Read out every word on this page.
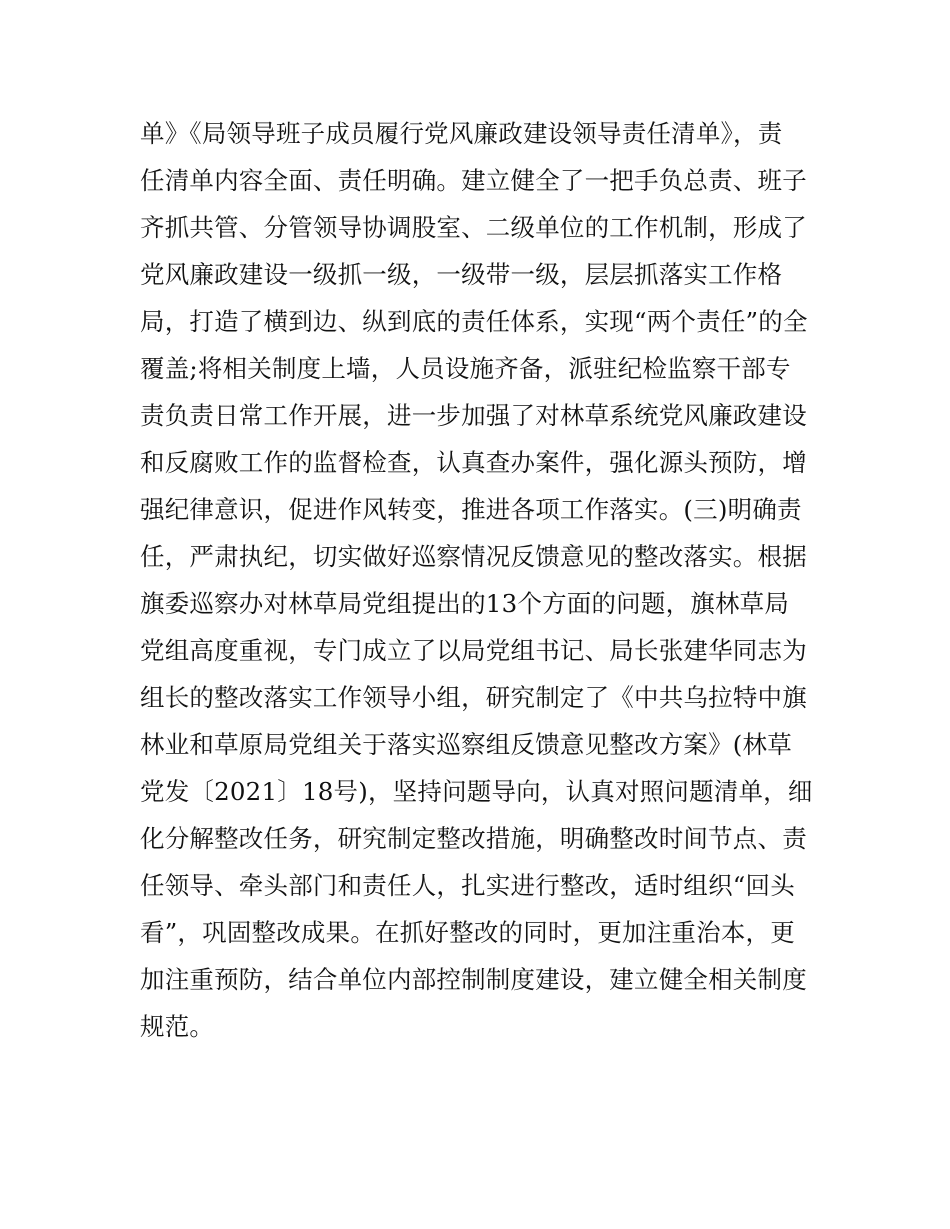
单》《局领导班子成员履行党风廉政建设领导责任清单》，责
任清单内容全面、责任明确。建立健全了一把手负总责、班子
齐抓共管、分管领导协调股室、二级单位的工作机制，形成了
党风廉政建设一级抓一级，一级带一级，层层抓落实工作格
局，打造了横到边、纵到底的责任体系，实现“两个责任”的全
覆盖;将相关制度上墙，人员设施齐备，派驻纪检监察干部专
责负责日常工作开展，进一步加强了对林草系统党风廉政建设
和反腐败工作的监督检查，认真查办案件，强化源头预防，增
强纪律意识，促进作风转变，推进各项工作落实。(三)明确责
任，严肃执纪，切实做好巡察情况反馈意见的整改落实。根据
旗委巡察办对林草局党组提出的13个方面的问题，旗林草局
党组高度重视，专门成立了以局党组书记、局长张建华同志为
组长的整改落实工作领导小组，研究制定了《中共乌拉特中旗
林业和草原局党组关于落实巡察组反馈意见整改方案》(林草
党发〔2021〕18号)，坚持问题导向，认真对照问题清单，细
化分解整改任务，研究制定整改措施，明确整改时间节点、责
任领导、牵头部门和责任人，扎实进行整改，适时组织“回头
看”，巩固整改成果。在抓好整改的同时，更加注重治本，更
加注重预防，结合单位内部控制制度建设，建立健全相关制度
规范。
